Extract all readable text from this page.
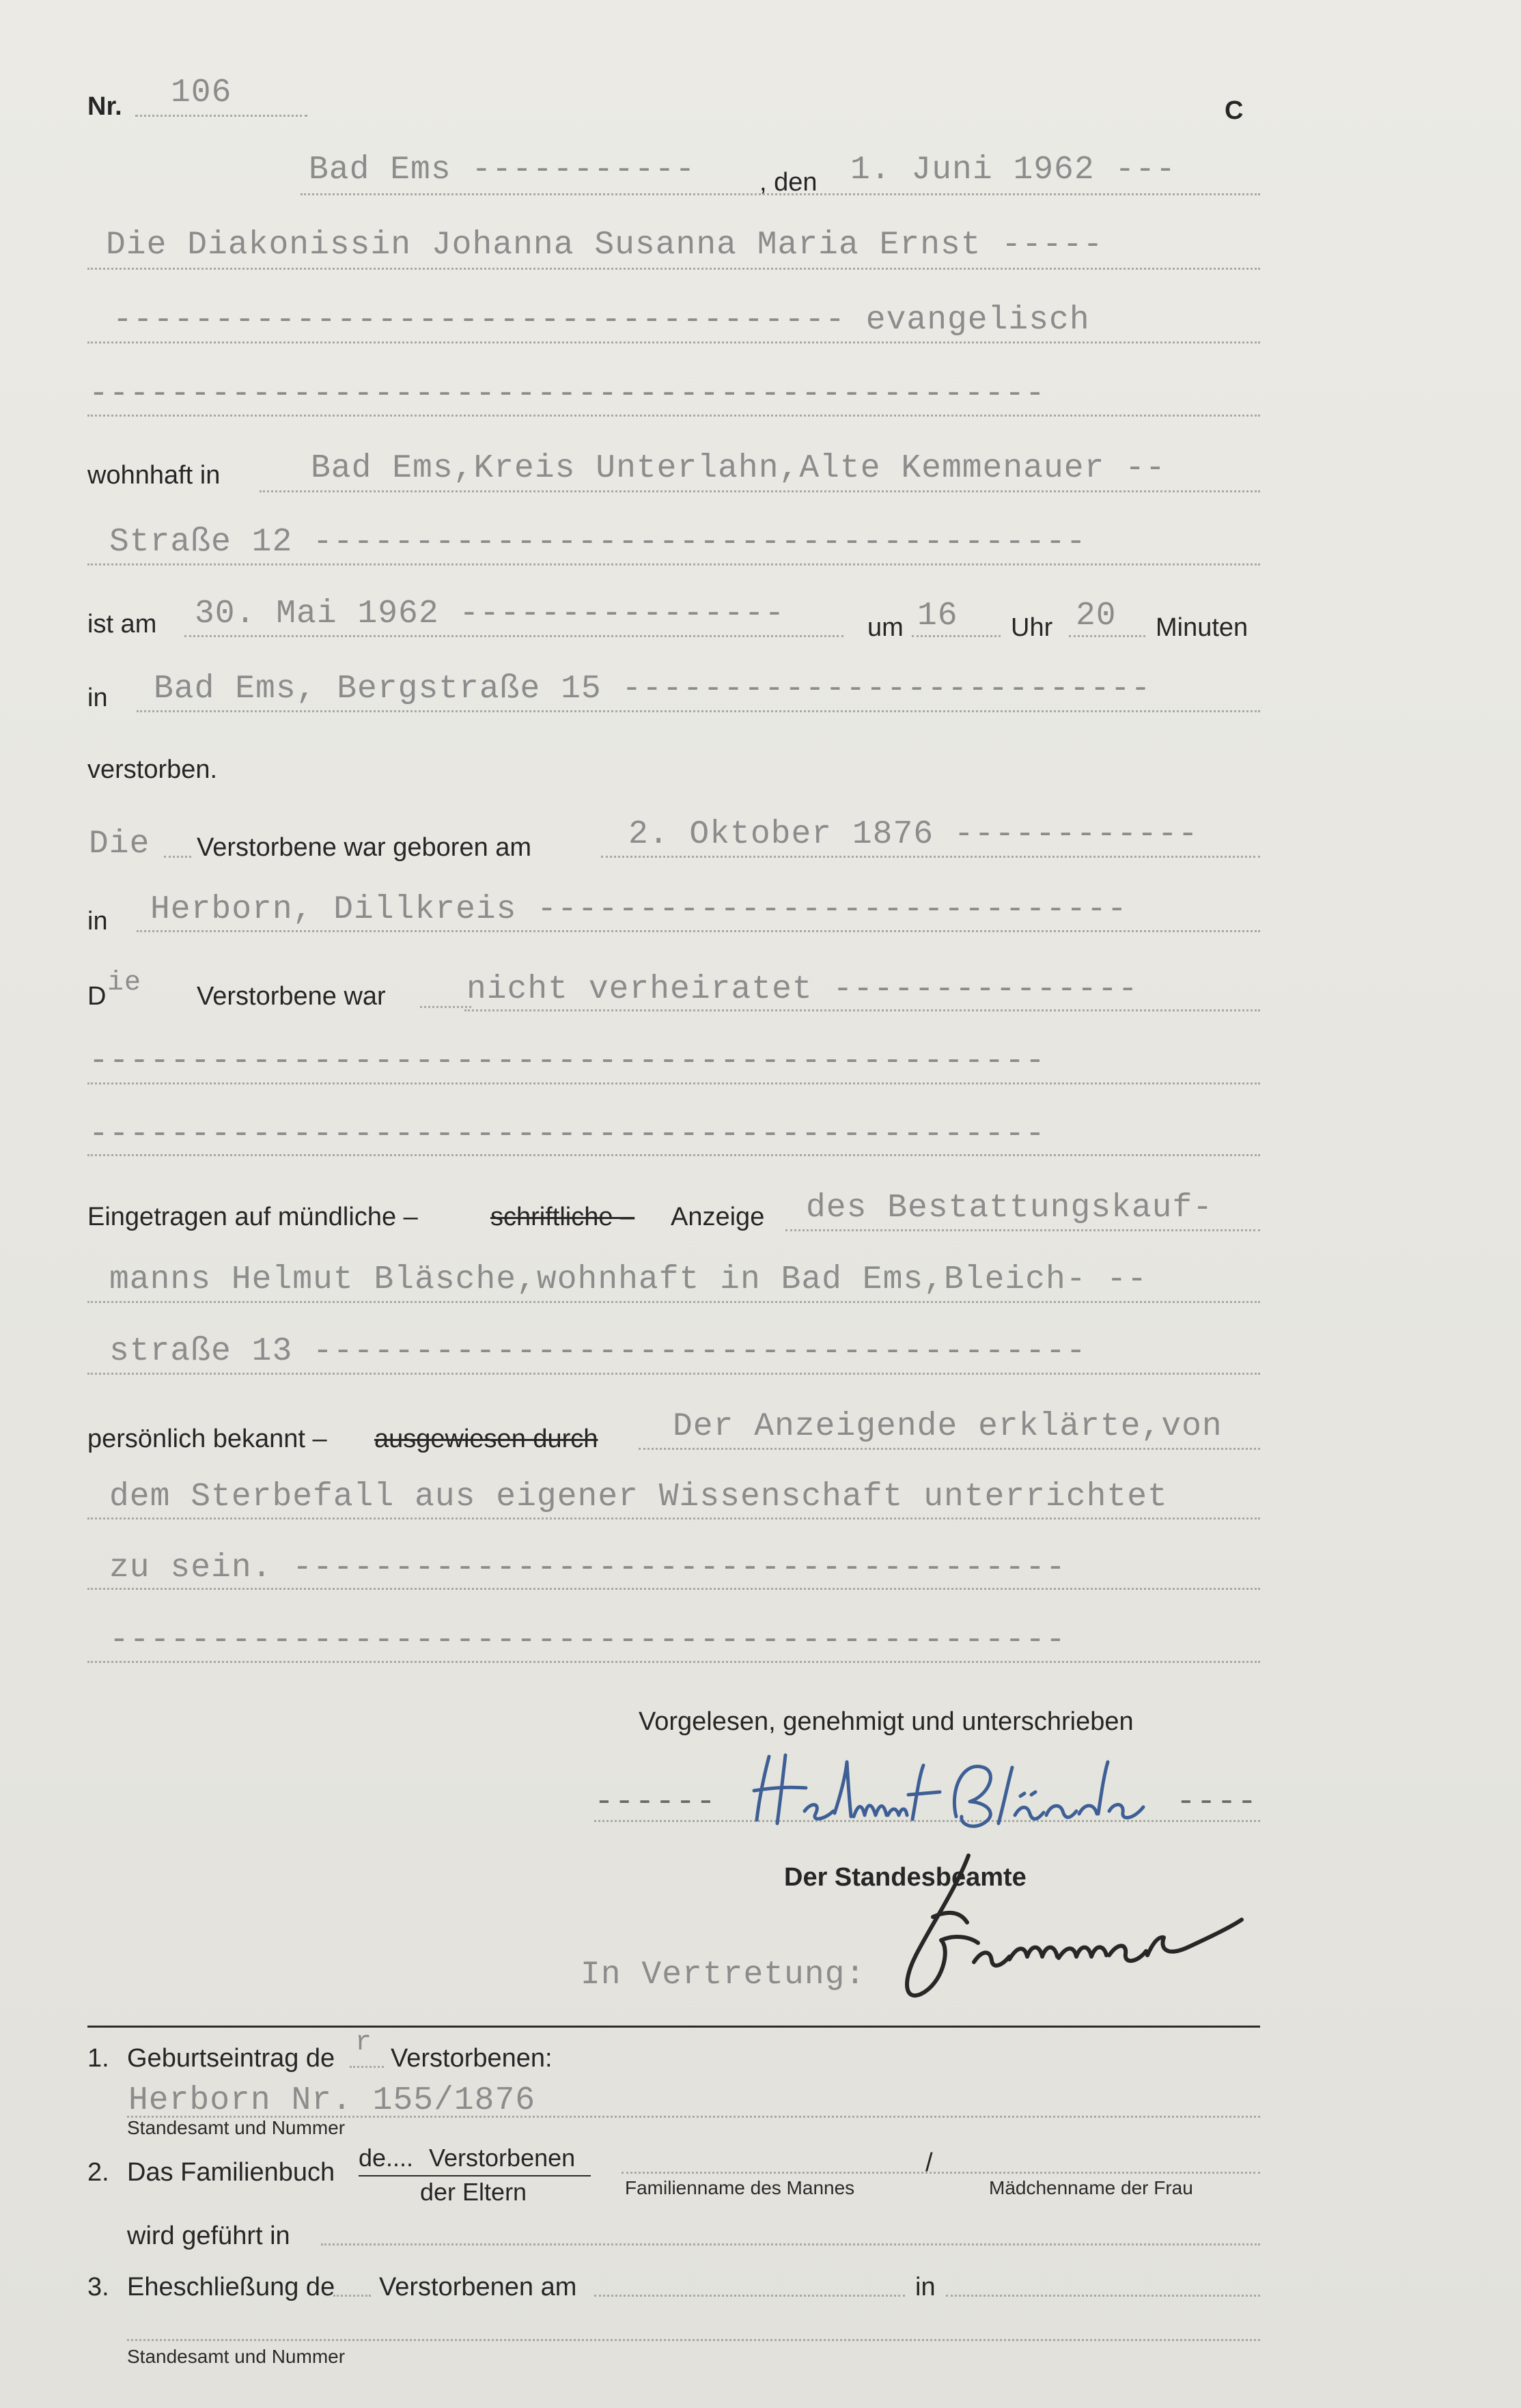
Nr. 106	C
Bad Ems ----------- , den 1. Juni 1962 ---
Die Diakonissin Johanna Susanna Maria Ernst -----
------------------------------------ evangelisch
-----------------------------------------------
wohnhaft in	Bad Ems,Kreis Unterlahn,Alte Kemmenauer --
Straße 12 --------------------------------------
ist am 30. Mai 1962 ----------------	um 16 Uhr 20 Minuten
in Bad Ems, Bergstraße 15 --------------------------
verstorben.
Die Verstorbene war geboren am	2. Oktober 1876 ------------
in Herborn, Dillkreis -----------------------------
D ie Verstorbene war nicht verheiratet ---------------
-----------------------------------------------
-----------------------------------------------
Eingetragen auf mündliche –	schriftliche – Anzeige des Bestattungskauf-
manns Helmut Bläsche,wohnhaft in Bad Ems,Bleich- --
straße 13 --------------------------------------
persönlich bekannt – ausgewiesen durch Der Anzeigende erklärte,von
dem Sterbefall aus eigener Wissenschaft unterrichtet
zu sein. --------------------------------------
-----------------------------------------------
Vorgelesen, genehmigt und unterschrieben
------	----
Der Standesbeamte
In Vertretung:
1. Geburtseintrag de r Verstorbenen:
Herborn Nr. 155/1876
Standesamt und Nummer
2. Das Familienbuch
de.... Verstorbenen
der Eltern	Familienname des Mannes
/
Mädchenname der Frau
wird geführt in
3. Eheschließung de Verstorbenen am	in
Standesamt und Nummer
